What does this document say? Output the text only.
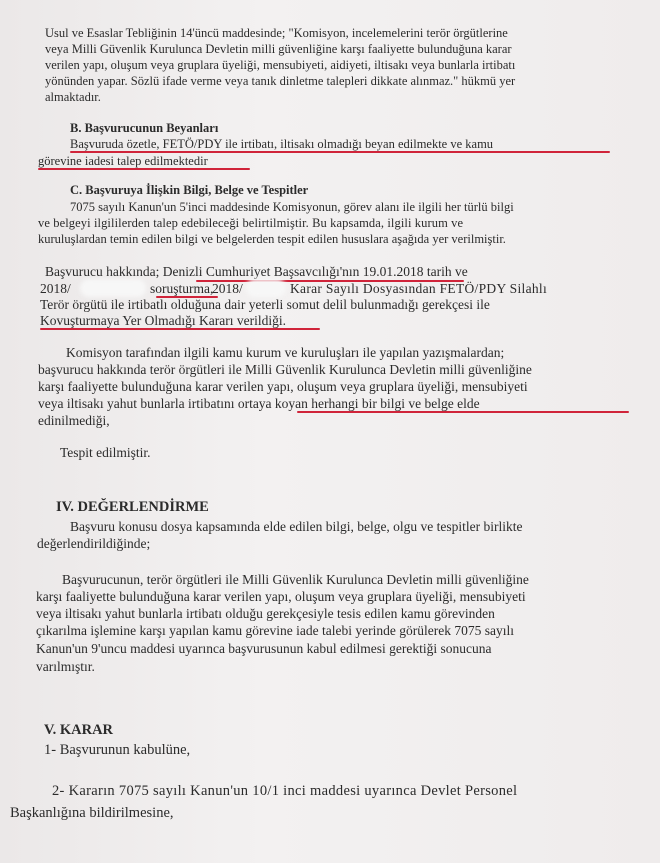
Usul ve Esaslar Tebliğinin 14'üncü maddesinde; "Komisyon, incelemelerini terör örgütlerine
veya Milli Güvenlik Kurulunca Devletin milli güvenliğine karşı faaliyette bulunduğuna karar
verilen yapı, oluşum veya gruplara üyeliği, mensubiyeti, aidiyeti, iltisakı veya bunlarla irtibatı
yönünden yapar. Sözlü ifade verme veya tanık dinletme talepleri dikkate alınmaz." hükmü yer
almaktadır.
B. Başvurucunun Beyanları
Başvuruda özetle, FETÖ/PDY ile irtibatı, iltisakı olmadığı beyan edilmekte ve kamu
görevine iadesi talep edilmektedir
C. Başvuruya İlişkin Bilgi, Belge ve Tespitler
7075 sayılı Kanun'un 5'inci maddesinde Komisyonun, görev alanı ile ilgili her türlü bilgi
ve belgeyi ilgililerden talep edebileceği belirtilmiştir. Bu kapsamda, ilgili kurum ve
kuruluşlardan temin edilen bilgi ve belgelerden tespit edilen hususlara aşağıda yer verilmiştir.
Başvurucu hakkında; Denizli Cumhuriyet Başsavcılığı'nın 19.01.2018 tarih ve
2018/	soruşturma,
2018/	Karar Sayılı Dosyasından FETÖ/PDY Silahlı
Terör örgütü ile irtibatlı olduğuna dair yeterli somut delil bulunmadığı gerekçesi ile
Kovuşturmaya Yer Olmadığı Kararı verildiği.
Komisyon tarafından ilgili kamu kurum ve kuruluşları ile yapılan yazışmalardan;
başvurucu hakkında terör örgütleri ile Milli Güvenlik Kurulunca Devletin milli güvenliğine
karşı faaliyette bulunduğuna karar verilen yapı, oluşum veya gruplara üyeliği, mensubiyeti
veya iltisakı yahut bunlarla irtibatını ortaya koyan herhangi bir bilgi ve belge elde
edinilmediği,
Tespit edilmiştir.
IV. DEĞERLENDİRME
Başvuru konusu dosya kapsamında elde edilen bilgi, belge, olgu ve tespitler birlikte
değerlendirildiğinde;
Başvurucunun, terör örgütleri ile Milli Güvenlik Kurulunca Devletin milli güvenliğine
karşı faaliyette bulunduğuna karar verilen yapı, oluşum veya gruplara üyeliği, mensubiyeti
veya iltisakı yahut bunlarla irtibatı olduğu gerekçesiyle tesis edilen kamu görevinden
çıkarılma işlemine karşı yapılan kamu görevine iade talebi yerinde görülerek 7075 sayılı
Kanun'un 9'uncu maddesi uyarınca başvurusunun kabul edilmesi gerektiği sonucuna
varılmıştır.
V. KARAR
1- Başvurunun kabulüne,
2- Kararın 7075 sayılı Kanun'un 10/1 inci maddesi uyarınca Devlet Personel
Başkanlığına bildirilmesine,
